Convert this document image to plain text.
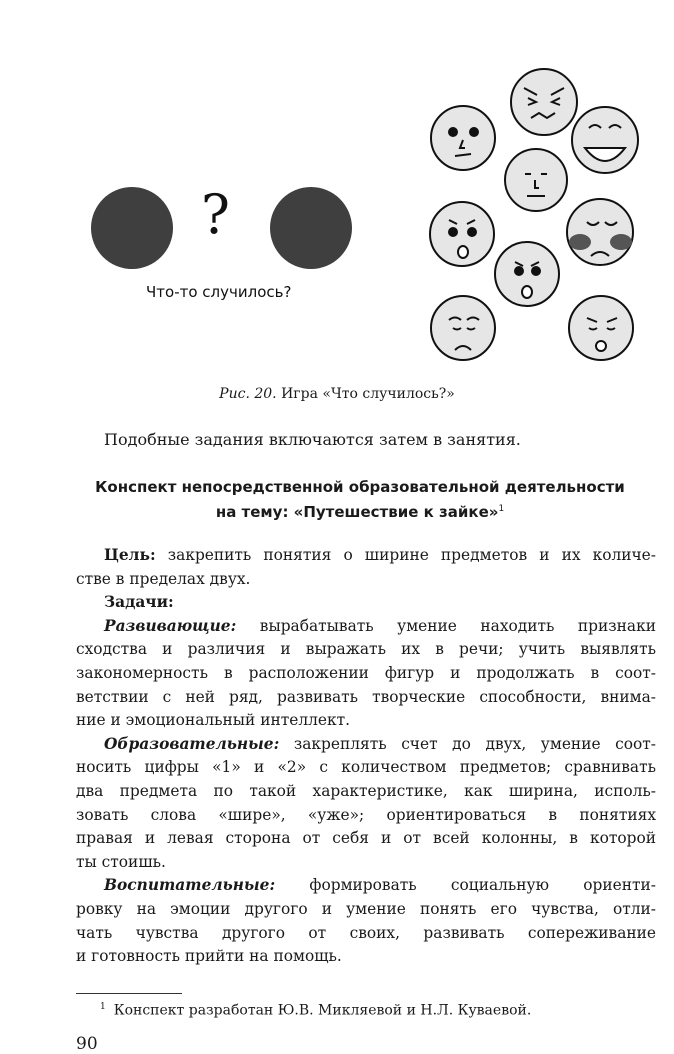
?
Что-то случилось?
Рис. 20. Игра «Что случилось?»
Подобные задания включаются затем в занятия.
Конспект непосредственной образовательной деятельности
на тему: «Путешествие к зайке»$^1$
Цель: закрепить понятия о ширине предметов и их количе-
стве в пределах двух.
Задачи:
Развивающие: вырабатывать умение находить признаки
сходства и различия и выражать их в речи; учить выявлять
закономерность в расположении фигур и продолжать в соот-
ветствии с ней ряд, развивать творческие способности, внима-
ние и эмоциональный интеллект.
Образовательные: закреплять счет до двух, умение соот-
носить цифры «1» и «2» с количеством предметов; сравнивать
два предмета по такой характеристике, как ширина, исполь-
зовать слова «шире», «уже»; ориентироваться в понятиях
правая и левая сторона от себя и от всей колонны, в которой
ты стоишь.
Воспитательные: формировать социальную ориенти-
ровку на эмоции другого и умение понять его чувства, отли-
чать чувства другого от своих, развивать сопереживание
и готовность прийти на помощь.
$^1$ Конспект разработан Ю.В. Микляевой и Н.Л. Куваевой.
90
